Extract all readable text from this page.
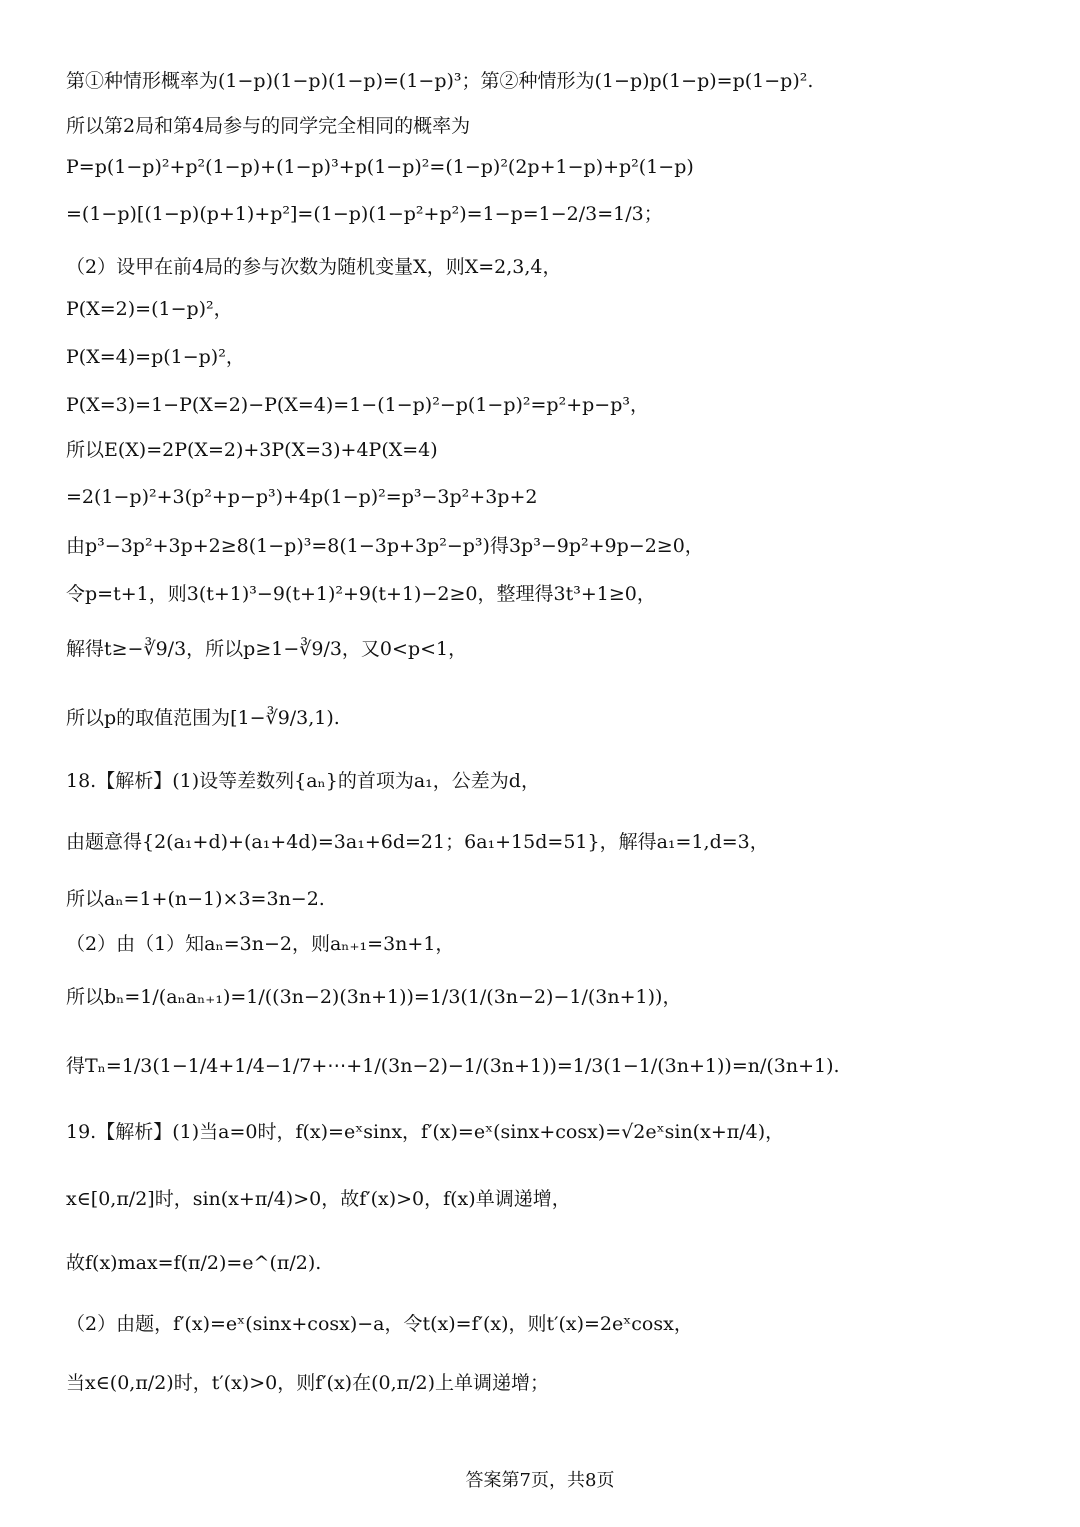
第①种情形概率为(1−p)(1−p)(1−p)=(1−p)³；第②种情形为(1−p)p(1−p)=p(1−p)².
所以第2局和第4局参与的同学完全相同的概率为
P=p(1−p)²+p²(1−p)+(1−p)³+p(1−p)²=(1−p)²(2p+1−p)+p²(1−p)
=(1−p)[(1−p)(p+1)+p²]=(1−p)(1−p²+p²)=1−p=1−2/3=1/3；
（2）设甲在前4局的参与次数为随机变量X，则X=2,3,4，
P(X=2)=(1−p)²，
P(X=4)=p(1−p)²，
P(X=3)=1−P(X=2)−P(X=4)=1−(1−p)²−p(1−p)²=p²+p−p³，
所以E(X)=2P(X=2)+3P(X=3)+4P(X=4)
=2(1−p)²+3(p²+p−p³)+4p(1−p)²=p³−3p²+3p+2
由p³−3p²+3p+2≥8(1−p)³=8(1−3p+3p²−p³)得3p³−9p²+9p−2≥0，
令p=t+1，则3(t+1)³−9(t+1)²+9(t+1)−2≥0，整理得3t³+1≥0，
解得t≥−∛9/3，所以p≥1−∛9/3，又0<p<1，
所以p的取值范围为[1−∛9/3,1).
18.【解析】(1)设等差数列{aₙ}的首项为a₁，公差为d，
由题意得{2(a₁+d)+(a₁+4d)=3a₁+6d=21；6a₁+15d=51}，解得a₁=1,d=3，
所以aₙ=1+(n−1)×3=3n−2.
（2）由（1）知aₙ=3n−2，则aₙ₊₁=3n+1，
所以bₙ=1/(aₙaₙ₊₁)=1/((3n−2)(3n+1))=1/3(1/(3n−2)−1/(3n+1))，
得Tₙ=1/3(1−1/4+1/4−1/7+⋯+1/(3n−2)−1/(3n+1))=1/3(1−1/(3n+1))=n/(3n+1).
19.【解析】(1)当a=0时，f(x)=eˣsinx，f′(x)=eˣ(sinx+cosx)=√2eˣsin(x+π/4)，
x∈[0,π/2]时，sin(x+π/4)>0，故f′(x)>0，f(x)单调递增，
故f(x)max=f(π/2)=e^(π/2).
（2）由题，f′(x)=eˣ(sinx+cosx)−a，令t(x)=f′(x)，则t′(x)=2eˣcosx，
当x∈(0,π/2)时，t′(x)>0，则f′(x)在(0,π/2)上单调递增；
答案第7页，共8页
